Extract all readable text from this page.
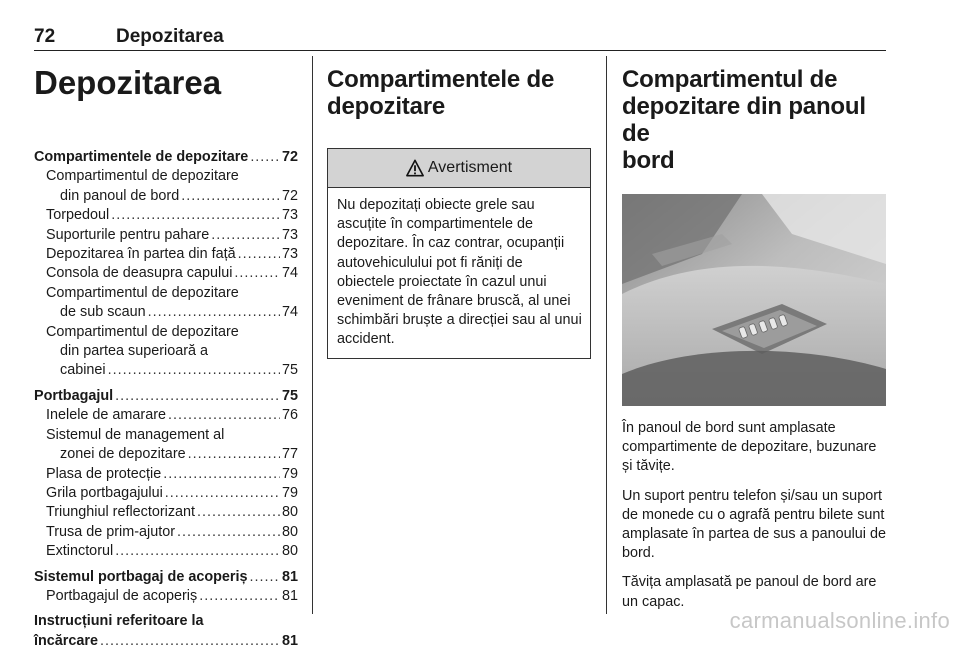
72	Depozitarea
Depozitarea
Compartimentele de depozitare ..... 72
Compartimentul de depozitare
din panoul de bord .....	72
Torpedoul .....	73
Suporturile pentru pahare .....	73
Depozitarea în partea din față .....	73
Consola de deasupra capului .....	74
Compartimentul de depozitare
de sub scaun .....	74
Compartimentul de depozitare
din partea superioară a
cabinei .....	75
Portbagajul .....	75
Inelele de amarare .....	76
Sistemul de management al
zonei de depozitare .....	77
Plasa de protecție .....	79
Grila portbagajului .....	79
Triunghiul reflectorizant .....	80
Trusa de prim-ajutor .....	80
Extinctorul .....	80
Sistemul portbagaj de acoperiș ..... 81
Portbagajul de acoperiș .....	81
Instrucțiuni referitoare la
încărcare .....	81
Compartimentele de
depozitare
Avertisment
Nu depozitați obiecte grele sau ascuțite în compartimentele de depozitare. În caz contrar, ocupanții autovehiculului pot fi răniți de obiectele proiectate în cazul unui eveniment de frânare bruscă, al unei schimbări bruște a direcției sau al unui accident.
Compartimentul de
depozitare din panoul de
bord

În panoul de bord sunt amplasate compartimente de depozitare, buzunare și tăvițe.

Un suport pentru telefon și/sau un suport de monede cu o agrafă pentru bilete sunt amplasate în partea de sus a panoului de bord.

Tăvița amplasată pe panoul de bord are un capac.

carmanualsonline.info
